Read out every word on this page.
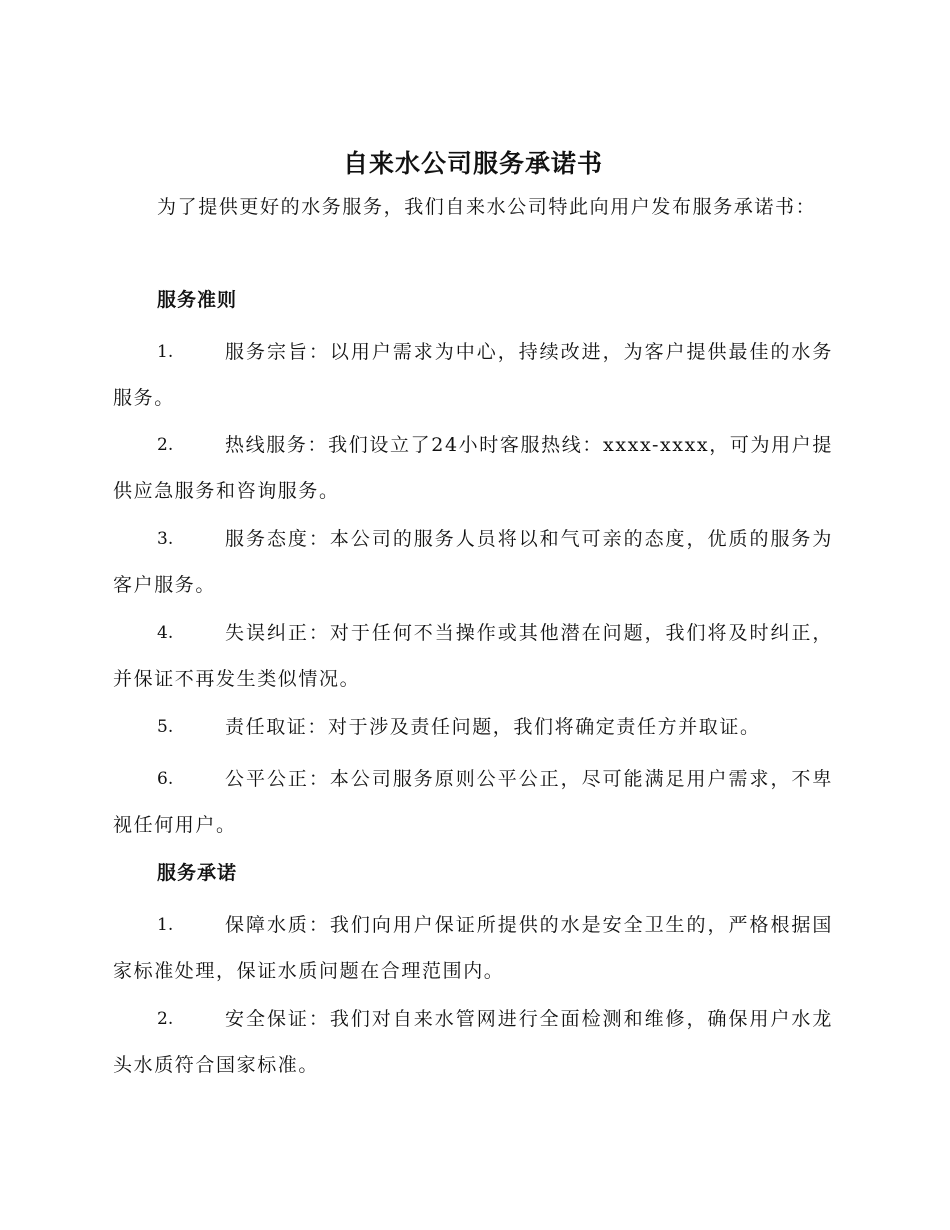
自来水公司服务承诺书

为了提供更好的水务服务，我们自来水公司特此向用户发布服务承诺书：

服务准则
1.	服务宗旨：以用户需求为中心，持续改进，为客户提供最佳的水务服务。
2.	热线服务：我们设立了24小时客服热线：xxxx-xxxx，可为用户提供应急服务和咨询服务。
3.	服务态度：本公司的服务人员将以和气可亲的态度，优质的服务为客户服务。
4.	失误纠正：对于任何不当操作或其他潜在问题，我们将及时纠正，并保证不再发生类似情况。
5.	责任取证：对于涉及责任问题，我们将确定责任方并取证。
6.	公平公正：本公司服务原则公平公正，尽可能满足用户需求，不卑视任何用户。
服务承诺
1.	保障水质：我们向用户保证所提供的水是安全卫生的，严格根据国家标准处理，保证水质问题在合理范围内。
2.	安全保证：我们对自来水管网进行全面检测和维修，确保用户水龙头水质符合国家标准。
